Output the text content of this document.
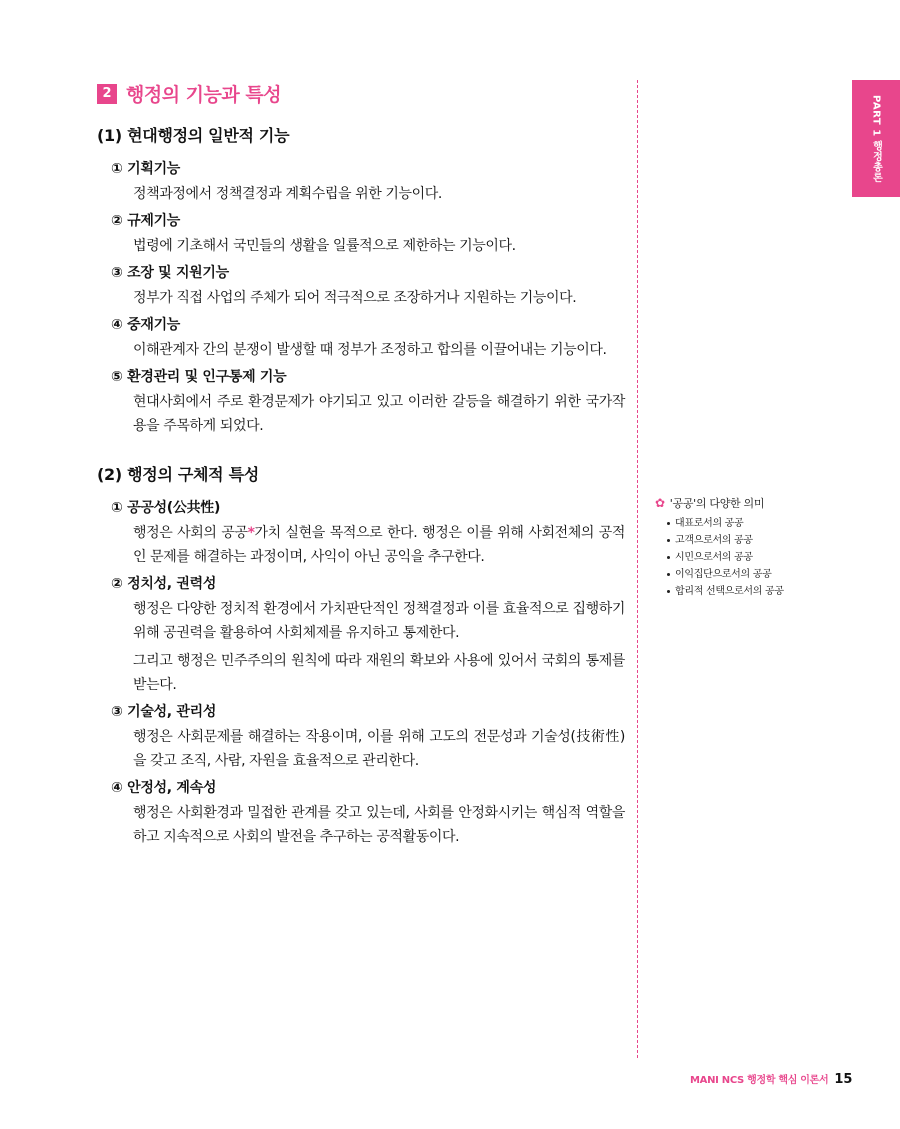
2 행정의 기능과 특성
(1) 현대행정의 일반적 기능
① 기획기능
정책과정에서 정책결정과 계획수립을 위한 기능이다.
② 규제기능
법령에 기초해서 국민들의 생활을 일률적으로 제한하는 기능이다.
③ 조장 및 지원기능
정부가 직접 사업의 주체가 되어 적극적으로 조장하거나 지원하는 기능이다.
④ 중재기능
이해관계자 간의 분쟁이 발생할 때 정부가 조정하고 합의를 이끌어내는 기능이다.
⑤ 환경관리 및 인구통제 기능
현대사회에서 주로 환경문제가 야기되고 있고 이러한 갈등을 해결하기 위한 국가작용을 주목하게 되었다.
(2) 행정의 구체적 특성
① 공공성(公共性)
행정은 사회의 공공*가치 실현을 목적으로 한다. 행정은 이를 위해 사회전체의 공적인 문제를 해결하는 과정이며, 사익이 아닌 공익을 추구한다.
② 정치성, 권력성
행정은 다양한 정치적 환경에서 가치판단적인 정책결정과 이를 효율적으로 집행하기 위해 공권력을 활용하여 사회체제를 유지하고 통제한다.
그리고 행정은 민주주의의 원칙에 따라 재원의 확보와 사용에 있어서 국회의 통제를 받는다.
③ 기술성, 관리성
행정은 사회문제를 해결하는 작용이며, 이를 위해 고도의 전문성과 기술성(技術性)을 갖고 조직, 사람, 자원을 효율적으로 관리한다.
④ 안정성, 계속성
행정은 사회환경과 밀접한 관계를 갖고 있는데, 사회를 안정화시키는 핵심적 역할을 하고 지속적으로 사회의 발전을 추구하는 공적활동이다.
PART 1 행정총론
✿ '공공'의 다양한 의미
대표로서의 공공
고객으로서의 공공
시민으로서의 공공
이익집단으로서의 공공
합리적 선택으로서의 공공
MANI NCS 행정학 핵심 이론서 15
